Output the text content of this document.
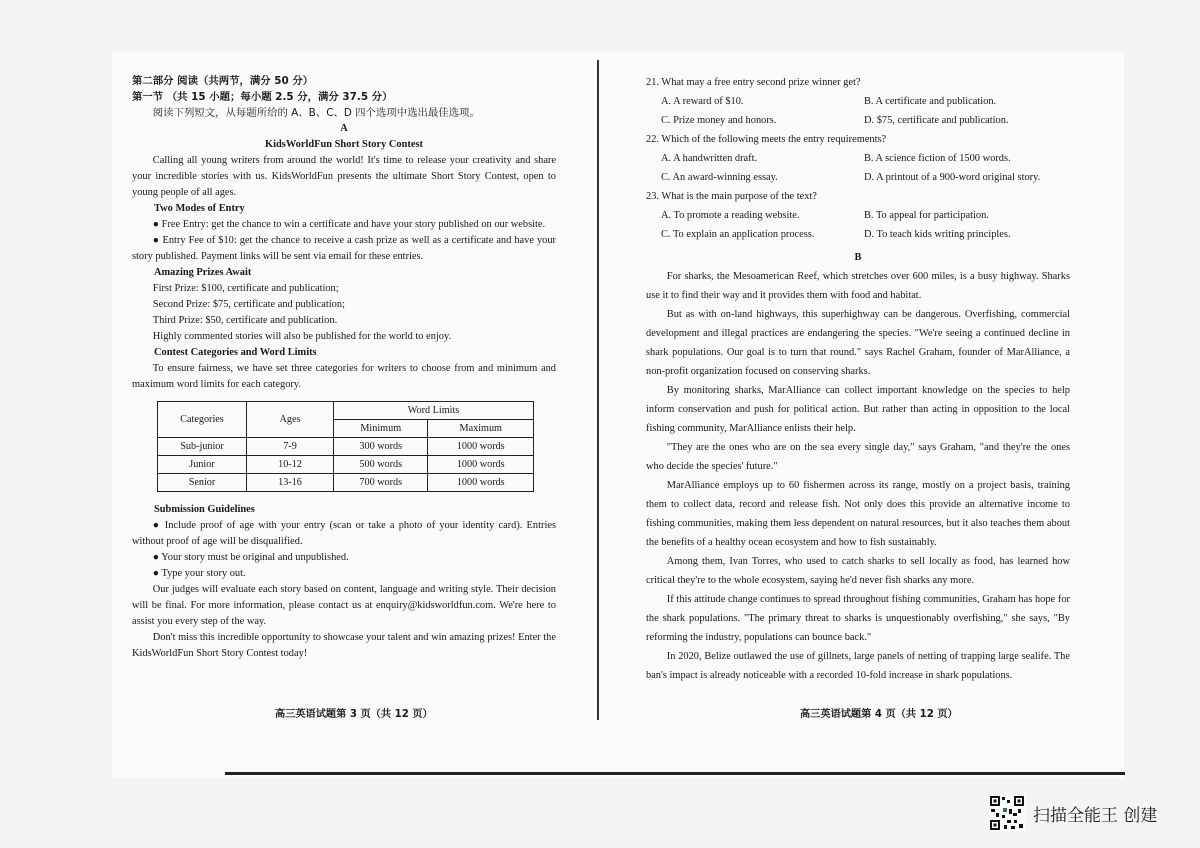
第二部分 阅读（共两节，满分 50 分）

第一节 （共 15 小题；每小题 2.5 分，满分 37.5 分）

阅读下列短文，从每题所给的 A、B、C、D 四个选项中选出最佳选项。

A

KidsWorldFun Short Story Contest

Calling all young writers from around the world! It's time to release your creativity and share your incredible stories with us. KidsWorldFun presents the ultimate Short Story Contest, open to young people of all ages.

Two Modes of Entry

● Free Entry: get the chance to win a certificate and have your story published on our website.

● Entry Fee of $10: get the chance to receive a cash prize as well as a certificate and have your story published. Payment links will be sent via email for these entries.

Amazing Prizes Await

First Prize: $100, certificate and publication;

Second Prize: $75, certificate and publication;

Third Prize: $50, certificate and publication.

Highly commented stories will also be published for the world to enjoy.

Contest Categories and Word Limits

To ensure fairness, we have set three categories for writers to choose from and minimum and maximum word limits for each category.

Categories	Ages	Word Limits	
		Minimum	Maximum
Sub-junior	7-9	300 words	1000 words
Junior	10-12	500 words	1000 words
Senior	13-16	700 words	1000 words

Submission Guidelines

● Include proof of age with your entry (scan or take a photo of your identity card). Entries without proof of age will be disqualified.

● Your story must be original and unpublished.

● Type your story out.

Our judges will evaluate each story based on content, language and writing style. Their decision will be final. For more information, please contact us at enquiry@kidsworldfun.com. We're here to assist you every step of the way.

Don't miss this incredible opportunity to showcase your talent and win amazing prizes! Enter the KidsWorldFun Short Story Contest today!

高三英语试题第 3 页（共 12 页）

21. What may a free entry second prize winner get?

A. A reward of $10.	B. A certificate and publication.
C. Prize money and honors.	D. $75, certificate and publication.

22. Which of the following meets the entry requirements?

A. A handwritten draft.	B. A science fiction of 1500 words.
C. An award-winning essay.	D. A printout of a 900-word original story.

23. What is the main purpose of the text?

A. To promote a reading website.	B. To appeal for participation.
C. To explain an application process.	D. To teach kids writing principles.

B

For sharks, the Mesoamerican Reef, which stretches over 600 miles, is a busy highway. Sharks use it to find their way and it provides them with food and habitat.

But as with on-land highways, this superhighway can be dangerous. Overfishing, commercial development and illegal practices are endangering the species. "We're seeing a continued decline in shark populations. Our goal is to turn that round." says Rachel Graham, founder of MarAlliance, a non-profit organization focused on conserving sharks.

By monitoring sharks, MarAlliance can collect important knowledge on the species to help inform conservation and push for political action. But rather than acting in opposition to the local fishing community, MarAlliance enlists their help.

"They are the ones who are on the sea every single day," says Graham, "and they're the ones who decide the species' future."

MarAlliance employs up to 60 fishermen across its range, mostly on a project basis, training them to collect data, record and release fish. Not only does this provide an alternative income to fishing communities, making them less dependent on natural resources, but it also teaches them about the benefits of a healthy ocean ecosystem and how to fish sustainably.

Among them, Ivan Torres, who used to catch sharks to sell locally as food, has learned how critical they're to the whole ecosystem, saying he'd never fish sharks any more.

If this attitude change continues to spread throughout fishing communities, Graham has hope for the shark populations. "The primary threat to sharks is unquestionably overfishing," she says, "By reforming the industry, populations can bounce back."

In 2020, Belize outlawed the use of gillnets, large panels of netting of trapping large sealife. The ban's impact is already noticeable with a recorded 10-fold increase in shark populations.

高三英语试题第 4 页（共 12 页）
扫描全能王 创建
